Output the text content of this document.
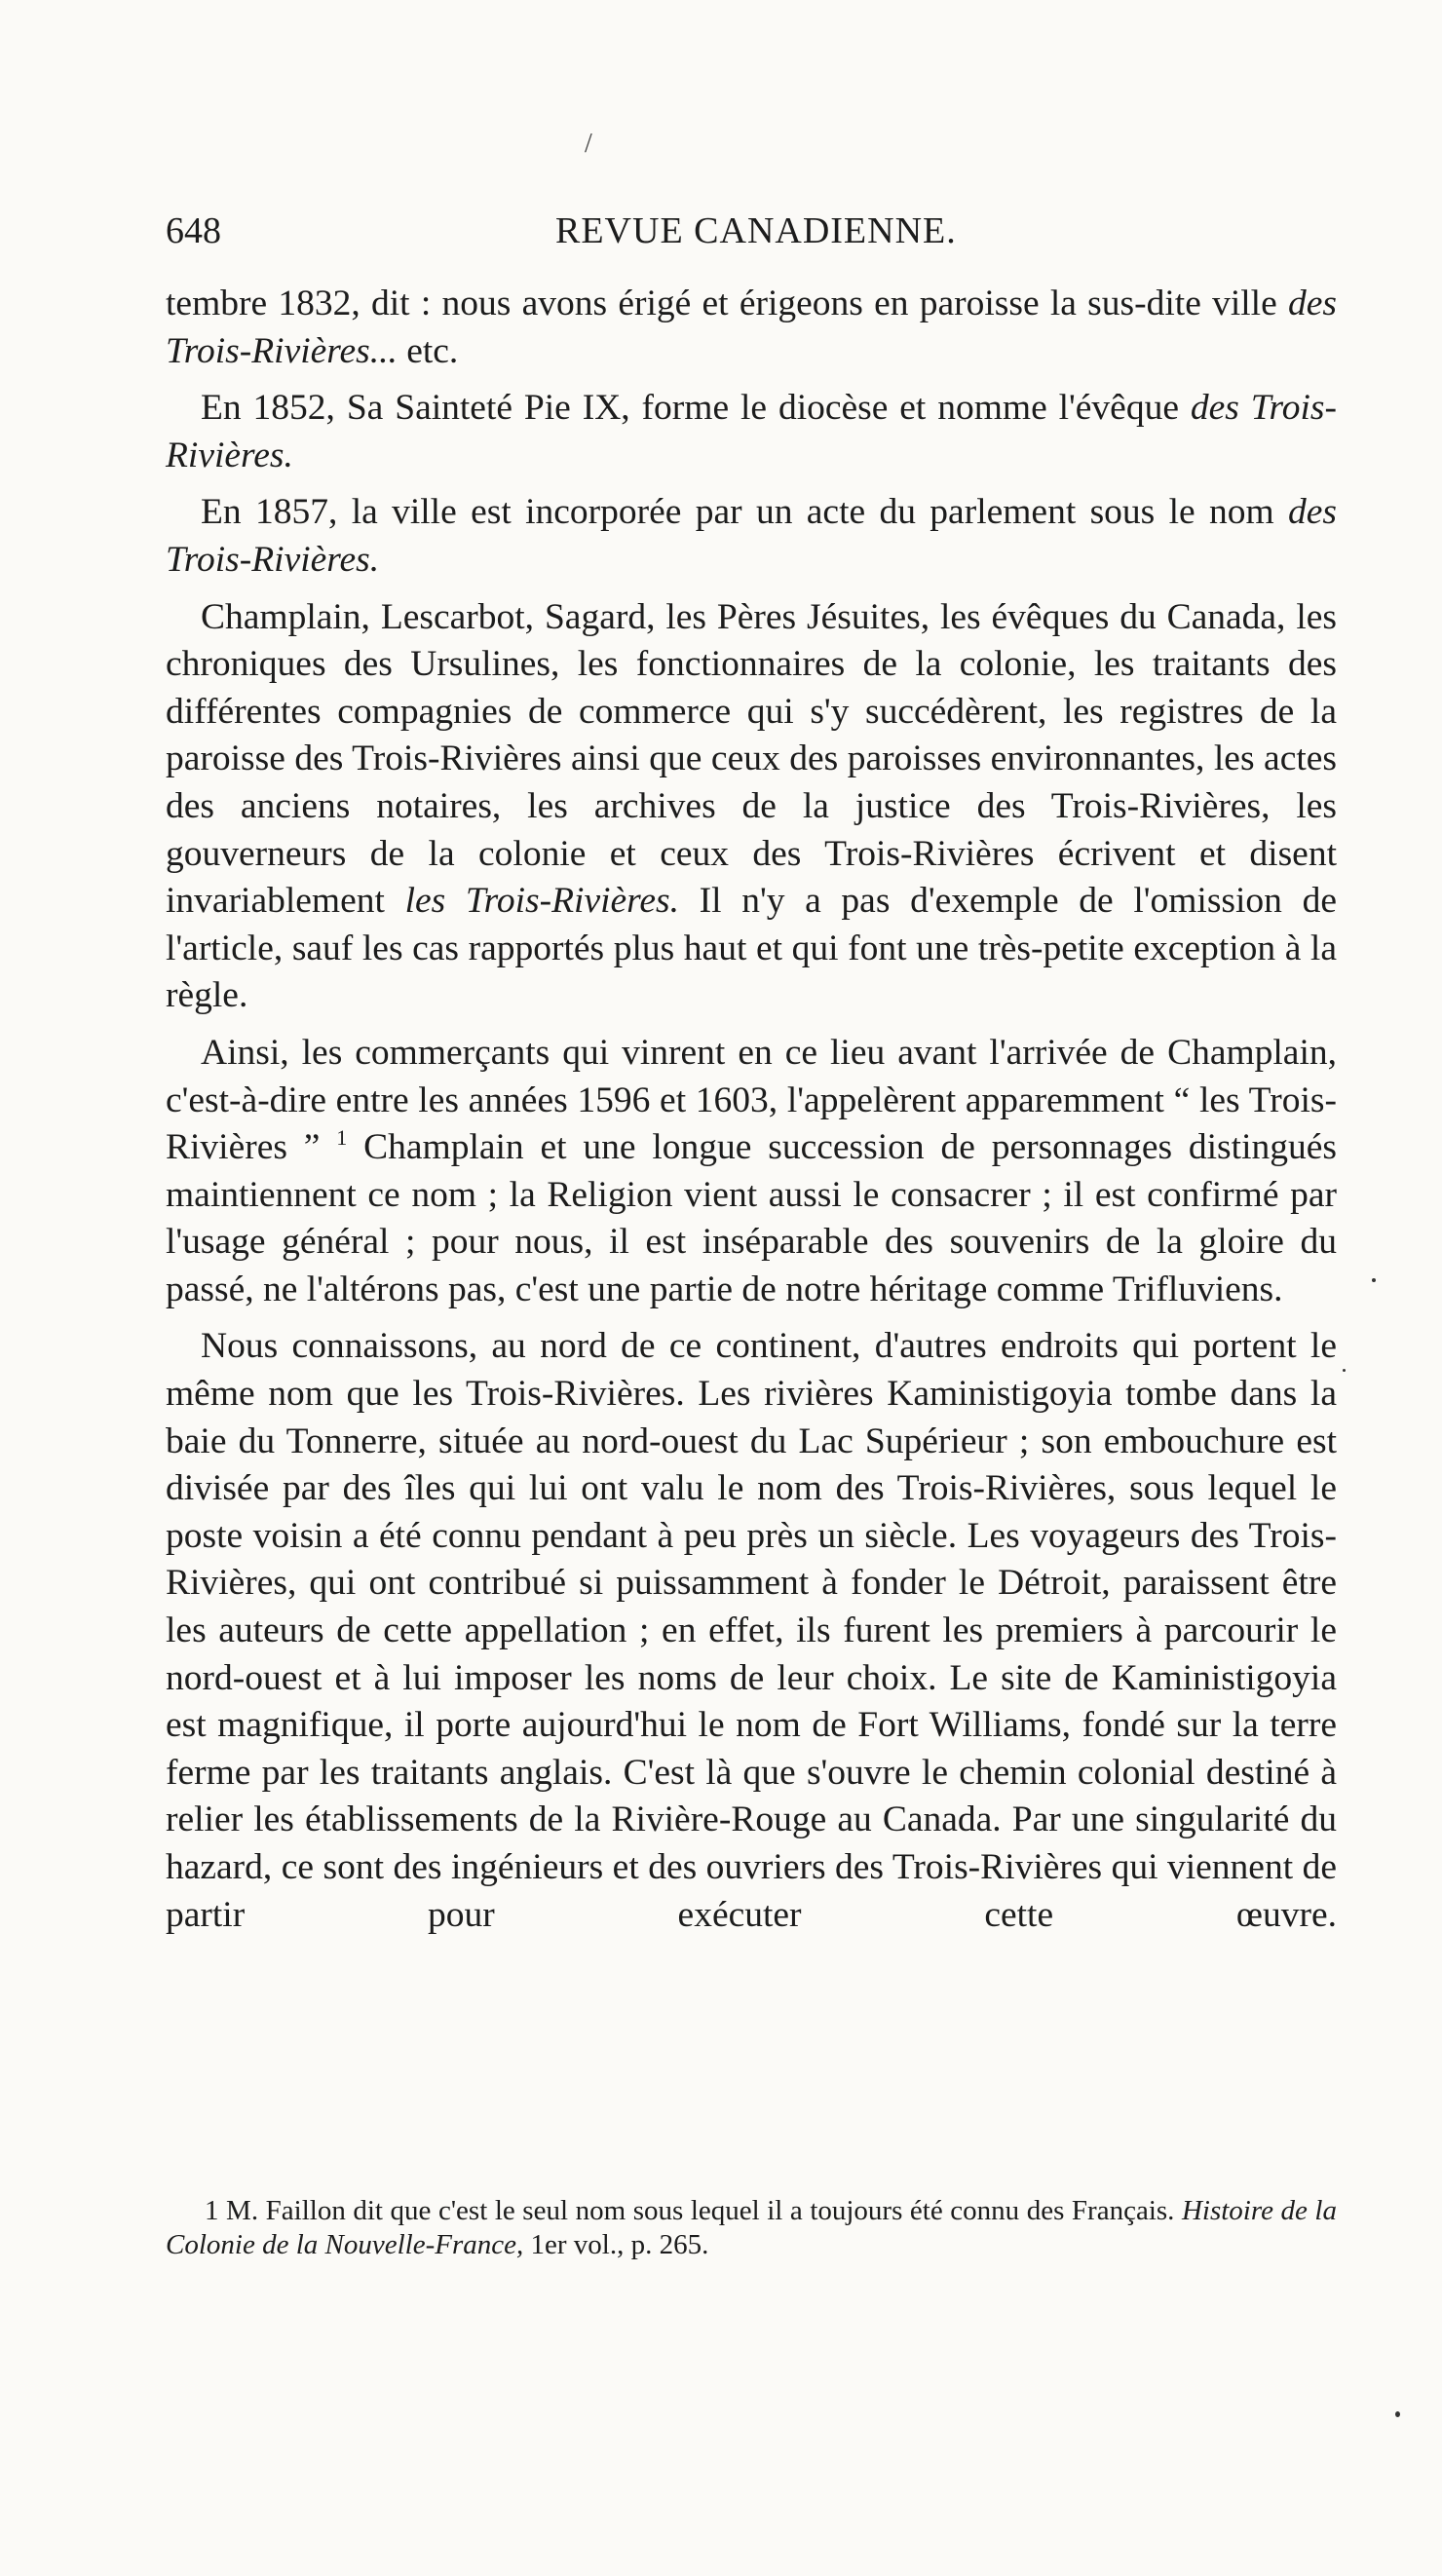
/
648	REVUE CANADIENNE.

tembre 1832, dit : nous avons érigé et érigeons en paroisse la sus-dite ville des Trois-Rivières... etc.

En 1852, Sa Sainteté Pie IX, forme le diocèse et nomme l'évêque des Trois-Rivières.

En 1857, la ville est incorporée par un acte du parlement sous le nom des Trois-Rivières.

Champlain, Lescarbot, Sagard, les Pères Jésuites, les évêques du Canada, les chroniques des Ursulines, les fonctionnaires de la colonie, les traitants des différentes compagnies de commerce qui s'y succédèrent, les registres de la paroisse des Trois-Rivières ainsi que ceux des paroisses environnantes, les actes des anciens notaires, les archives de la justice des Trois-Rivières, les gouverneurs de la colonie et ceux des Trois-Rivières écrivent et disent invariablement les Trois-Rivières. Il n'y a pas d'exemple de l'omission de l'article, sauf les cas rapportés plus haut et qui font une très-petite exception à la règle.

Ainsi, les commerçants qui vinrent en ce lieu avant l'arrivée de Champlain, c'est-à-dire entre les années 1596 et 1603, l'appelèrent apparemment “ les Trois-Rivières ” $^1$ Champlain et une longue succession de personnages distingués maintiennent ce nom ; la Religion vient aussi le consacrer ; il est confirmé par l'usage général ; pour nous, il est inséparable des souvenirs de la gloire du passé, ne l'altérons pas, c'est une partie de notre héritage comme Trifluviens.

Nous connaissons, au nord de ce continent, d'autres endroits qui portent le même nom que les Trois-Rivières. Les rivières Kaministigoyia tombe dans la baie du Tonnerre, située au nord-ouest du Lac Supérieur ; son embouchure est divisée par des îles qui lui ont valu le nom des Trois-Rivières, sous lequel le poste voisin a été connu pendant à peu près un siècle. Les voyageurs des Trois-Rivières, qui ont contribué si puissamment à fonder le Détroit, paraissent être les auteurs de cette appellation ; en effet, ils furent les premiers à parcourir le nord-ouest et à lui imposer les noms de leur choix. Le site de Kaministigoyia est magnifique, il porte aujourd'hui le nom de Fort Williams, fondé sur la terre ferme par les traitants anglais. C'est là que s'ouvre le chemin colonial destiné à relier les établissements de la Rivière-Rouge au Canada. Par une singularité du hazard, ce sont des ingénieurs et des ouvriers des Trois-Rivières qui viennent de partir pour exécuter cette œuvre.

1 M. Faillon dit que c'est le seul nom sous lequel il a toujours été connu des Français. Histoire de la Colonie de la Nouvelle-France, 1er vol., p. 265.
